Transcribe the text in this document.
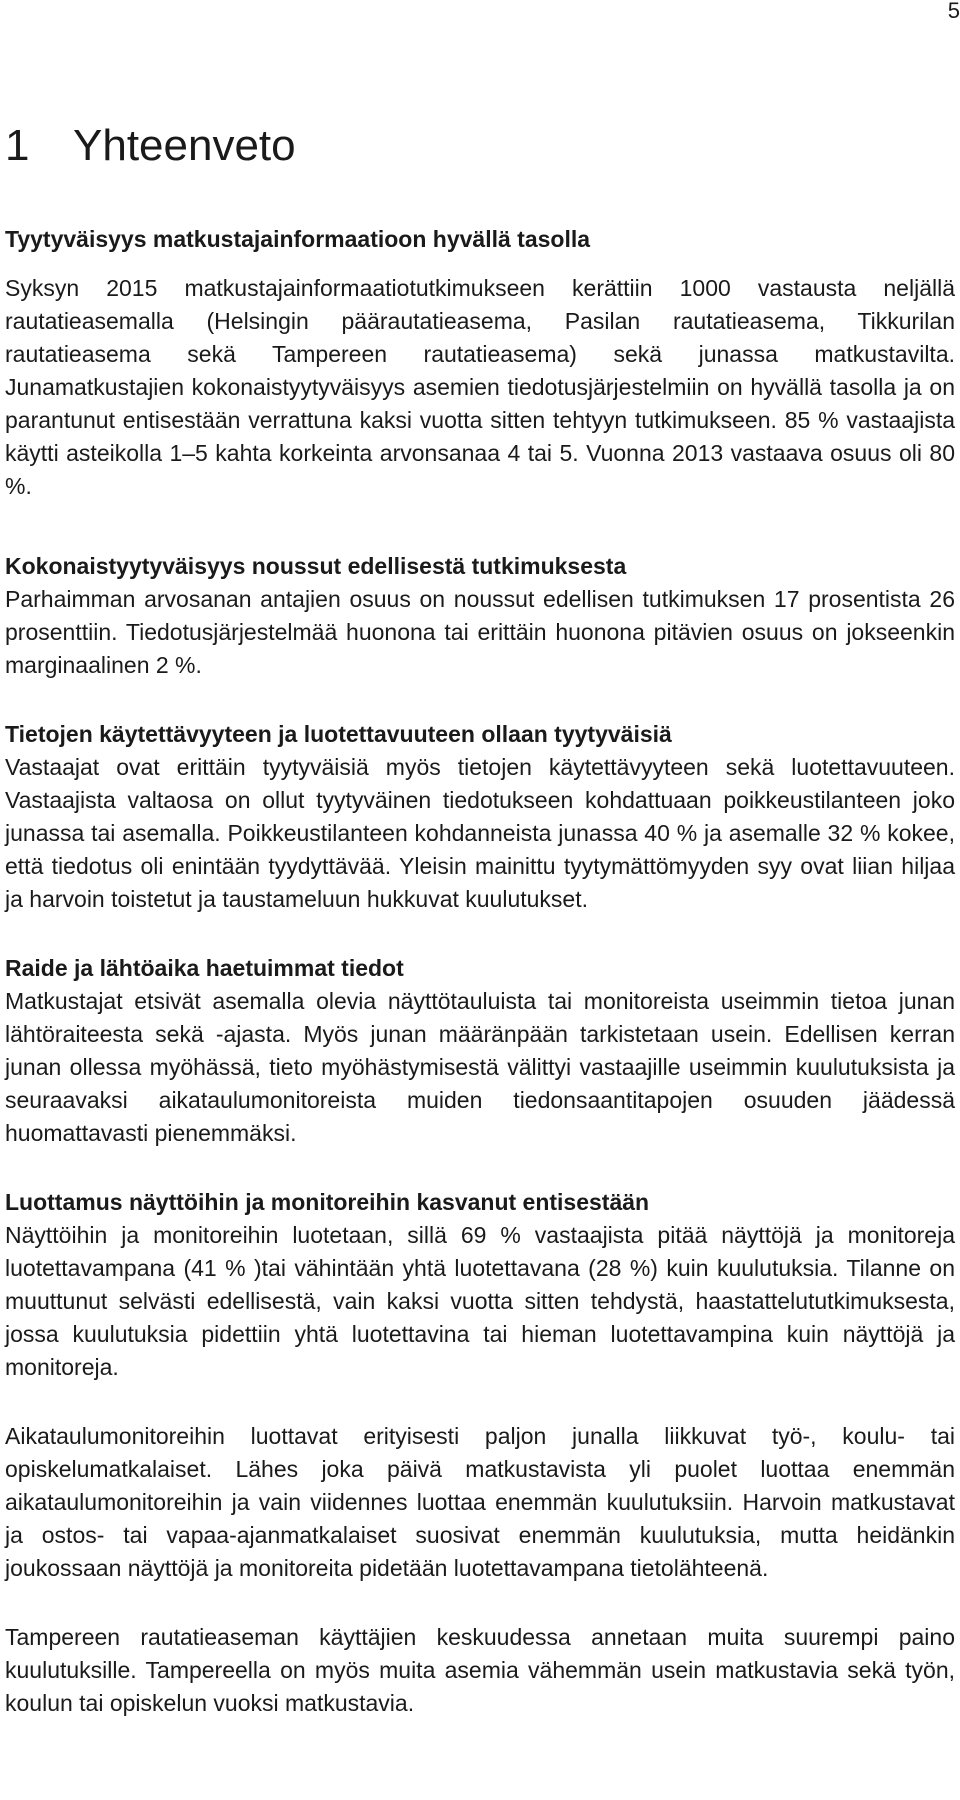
5
1 Yhteenveto
Tyytyväisyys matkustajainformaatioon hyvällä tasolla

Syksyn 2015 matkustajainformaatiotutkimukseen kerättiin 1000 vastausta neljällä rautatieasemalla (Helsingin päärautatieasema, Pasilan rautatieasema, Tikkurilan rautatieasema sekä Tampereen rautatieasema) sekä junassa matkustavilta. Junamatkustajien kokonaistyytyväisyys asemien tiedotusjärjestelmiin on hyvällä tasolla ja on parantunut entisestään verrattuna kaksi vuotta sitten tehtyyn tutkimukseen. 85 % vastaajista käytti asteikolla 1–5 kahta korkeinta arvonsanaa 4 tai 5. Vuonna 2013 vastaava osuus oli 80 %.

Kokonaistyytyväisyys noussut edellisestä tutkimuksesta

Parhaimman arvosanan antajien osuus on noussut edellisen tutkimuksen 17 prosentista 26 prosenttiin. Tiedotusjärjestelmää huonona tai erittäin huonona pitävien osuus on jokseenkin marginaalinen 2 %.

Tietojen käytettävyyteen ja luotettavuuteen ollaan tyytyväisiä

Vastaajat ovat erittäin tyytyväisiä myös tietojen käytettävyyteen sekä luotettavuuteen. Vastaajista valtaosa on ollut tyytyväinen tiedotukseen kohdattuaan poikkeustilanteen joko junassa tai asemalla. Poikkeustilanteen kohdanneista junassa 40 % ja asemalle 32 % kokee, että tiedotus oli enintään tyydyttävää. Yleisin mainittu tyytymättömyyden syy ovat liian hiljaa ja harvoin toistetut ja taustameluun hukkuvat kuulutukset.

Raide ja lähtöaika haetuimmat tiedot

Matkustajat etsivät asemalla olevia näyttötauluista tai monitoreista useimmin tietoa junan lähtöraiteesta sekä -ajasta. Myös junan määränpään tarkistetaan usein. Edellisen kerran junan ollessa myöhässä, tieto myöhästymisestä välittyi vastaajille useimmin kuulutuksista ja seuraavaksi aikataulumonitoreista muiden tiedonsaantitapojen osuuden jäädessä huomattavasti pienemmäksi.

Luottamus näyttöihin ja monitoreihin kasvanut entisestään

Näyttöihin ja monitoreihin luotetaan, sillä 69 % vastaajista pitää näyttöjä ja monitoreja luotettavampana (41 % )tai vähintään yhtä luotettavana (28 %) kuin kuulutuksia. Tilanne on muuttunut selvästi edellisestä, vain kaksi vuotta sitten tehdystä, haastattelututkimuksesta, jossa kuulutuksia pidettiin yhtä luotettavina tai hieman luotettavampina kuin näyttöjä ja monitoreja.

Aikataulumonitoreihin luottavat erityisesti paljon junalla liikkuvat työ-, koulu- tai opiskelumatkalaiset. Lähes joka päivä matkustavista yli puolet luottaa enemmän aikataulumonitoreihin ja vain viidennes luottaa enemmän kuulutuksiin. Harvoin matkustavat ja ostos- tai vapaa-ajanmatkalaiset suosivat enemmän kuulutuksia, mutta heidänkin joukossaan näyttöjä ja monitoreita pidetään luotettavampana tietolähteenä.

Tampereen rautatieaseman käyttäjien keskuudessa annetaan muita suurempi paino kuulutuksille. Tampereella on myös muita asemia vähemmän usein matkustavia sekä työn, koulun tai opiskelun vuoksi matkustavia.
